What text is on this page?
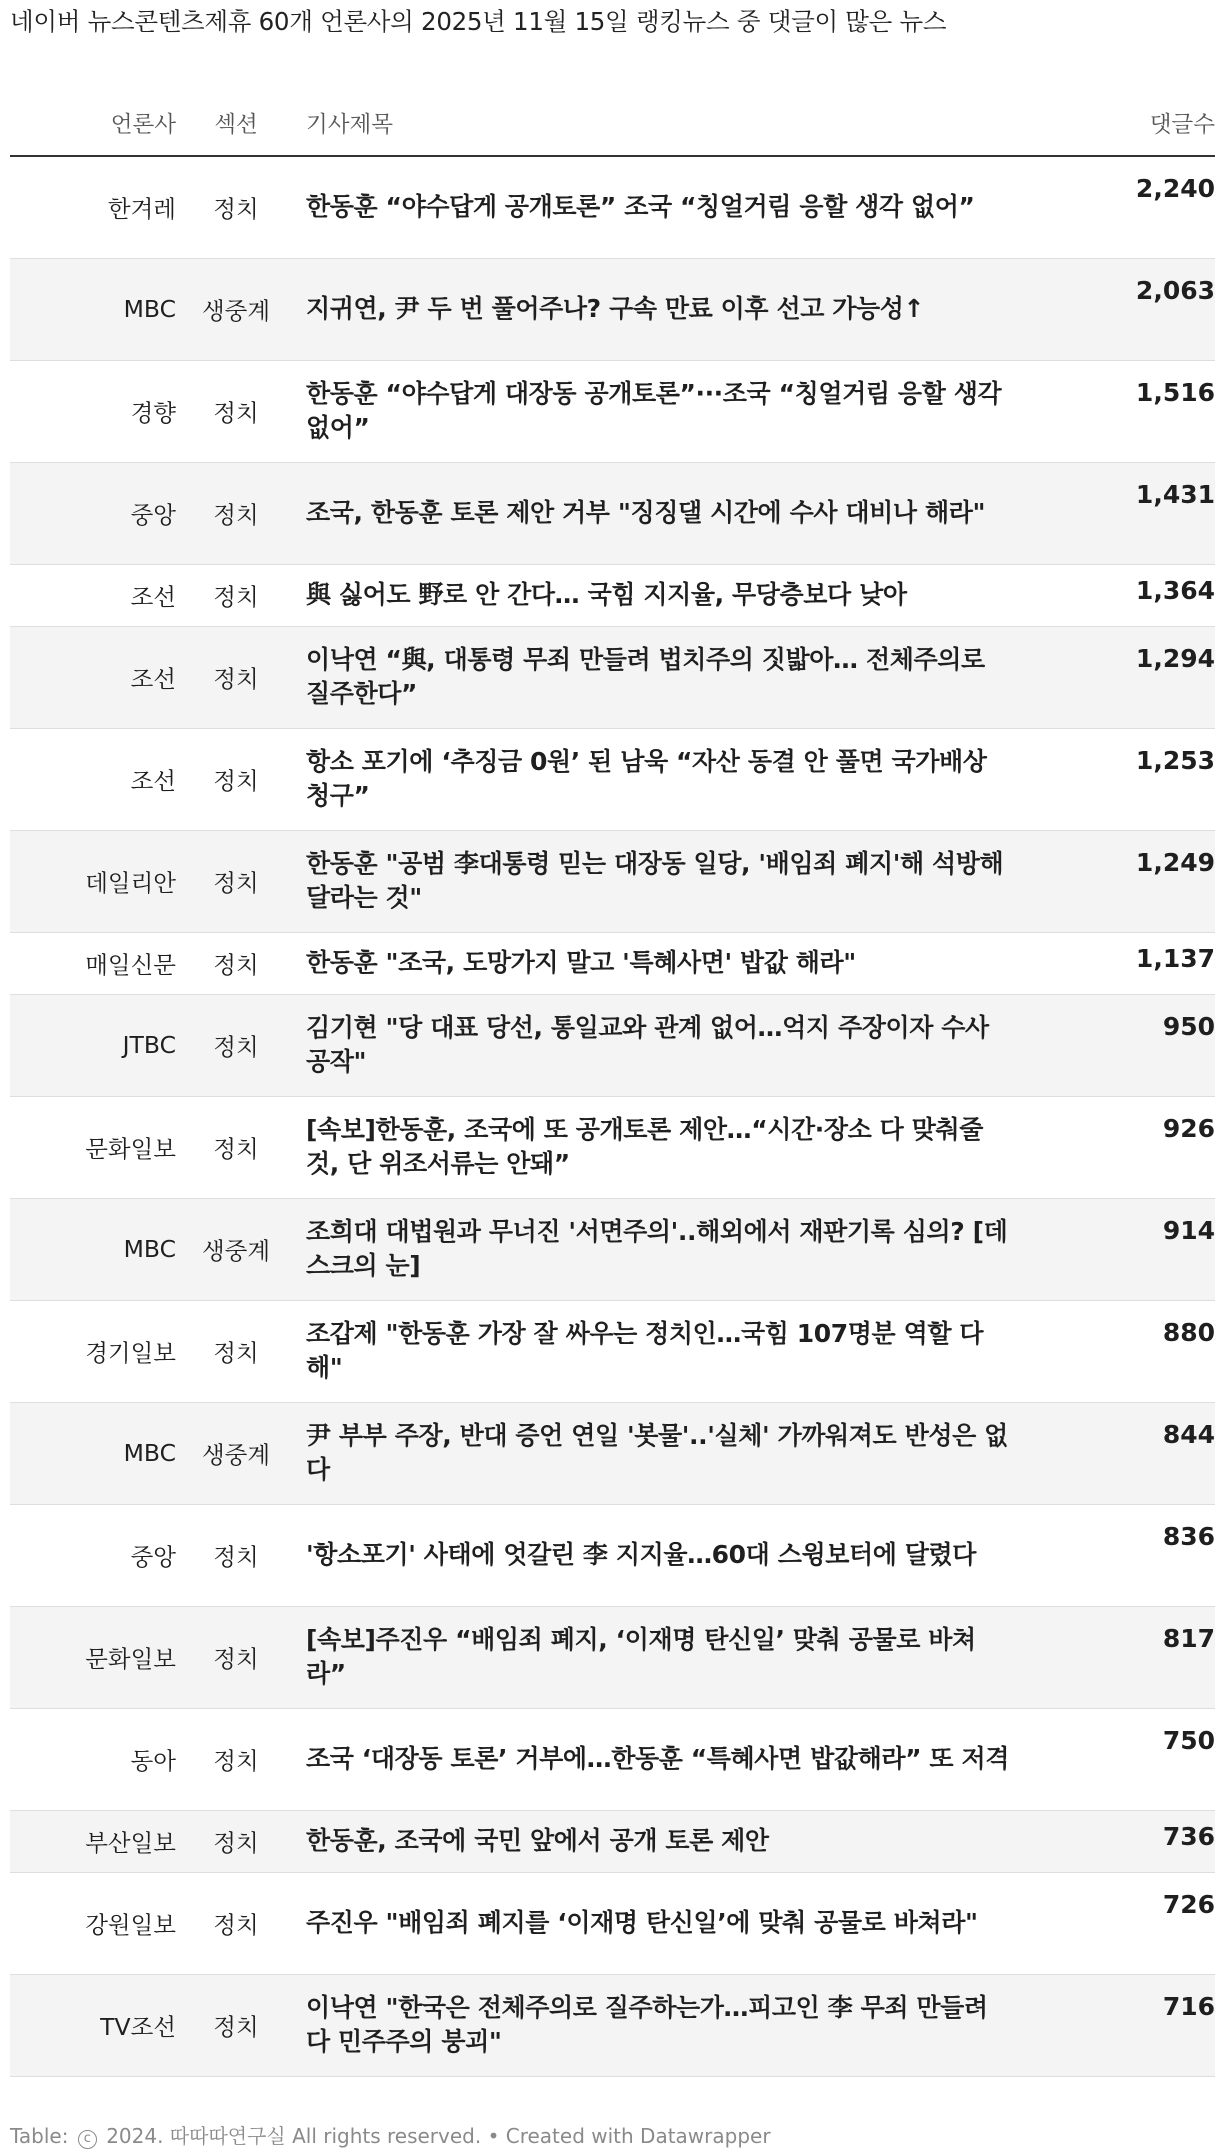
네이버 뉴스콘텐츠제휴 60개 언론사의 2025년 11월 15일 랭킹뉴스 중 댓글이 많은 뉴스
언론사	섹션	기사제목	댓글수
한겨레	정치	한동훈 “야수답게 공개토론” 조국 “칭얼거림 응할 생각 없어”	2,240
MBC	생중계	지귀연, 尹 두 번 풀어주나? 구속 만료 이후 선고 가능성↑	2,063
경향	정치	한동훈 “야수답게 대장동 공개토론”···조국 “칭얼거림 응할 생각 없어”	1,516
중앙	정치	조국, 한동훈 토론 제안 거부 "징징댈 시간에 수사 대비나 해라"	1,431
조선	정치	與 싫어도 野로 안 간다… 국힘 지지율, 무당층보다 낮아	1,364
조선	정치	이낙연 “與, 대통령 무죄 만들려 법치주의 짓밟아… 전체주의로 질주한다”	1,294
조선	정치	항소 포기에 ‘추징금 0원’ 된 남욱 “자산 동결 안 풀면 국가배상 청구”	1,253
데일리안	정치	한동훈 "공범 李대통령 믿는 대장동 일당, '배임죄 폐지'해 석방해 달라는 것"	1,249
매일신문	정치	한동훈 "조국, 도망가지 말고 '특혜사면' 밥값 해라"	1,137
JTBC	정치	김기현 "당 대표 당선, 통일교와 관계 없어…억지 주장이자 수사공작"	950
문화일보	정치	[속보]한동훈, 조국에 또 공개토론 제안…“시간·장소 다 맞춰줄 것, 단 위조서류는 안돼”	926
MBC	생중계	조희대 대법원과 무너진 '서면주의'..해외에서 재판기록 심의? [데스크의 눈]	914
경기일보	정치	조갑제 "한동훈 가장 잘 싸우는 정치인…국힘 107명분 역할 다 해"	880
MBC	생중계	尹 부부 주장, 반대 증언 연일 '봇물'..'실체' 가까워져도 반성은 없다	844
중앙	정치	'항소포기' 사태에 엇갈린 李 지지율…60대 스윙보터에 달렸다	836
문화일보	정치	[속보]주진우 “배임죄 폐지, ‘이재명 탄신일’ 맞춰 공물로 바쳐라”	817
동아	정치	조국 ‘대장동 토론’ 거부에…한동훈 “특혜사면 밥값해라” 또 저격	750
부산일보	정치	한동훈, 조국에 국민 앞에서 공개 토론 제안	736
강원일보	정치	주진우 "배임죄 폐지를 ‘이재명 탄신일’에 맞춰 공물로 바쳐라"	726
TV조선	정치	이낙연 "한국은 전체주의로 질주하는가…피고인 李 무죄 만들려다 민주주의 붕괴"	716
Table: c 2024. 따따따연구실 All rights reserved. • Created with Datawrapper
